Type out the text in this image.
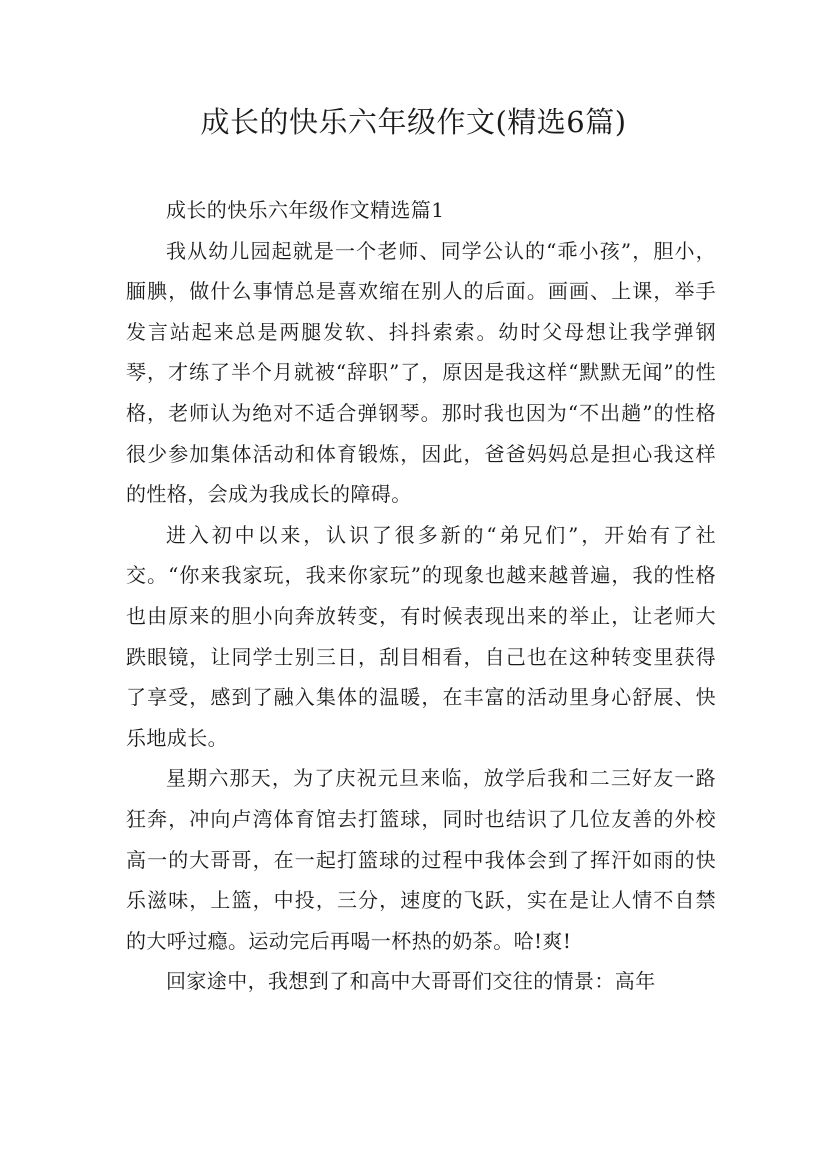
成长的快乐六年级作文(精选6篇)

成长的快乐六年级作文精选篇1

我从幼儿园起就是一个老师、同学公认的“乖小孩”，胆小，腼腆，做什么事情总是喜欢缩在别人的后面。画画、上课，举手发言站起来总是两腿发软、抖抖索索。幼时父母想让我学弹钢琴，才练了半个月就被“辞职”了，原因是我这样“默默无闻”的性格，老师认为绝对不适合弹钢琴。那时我也因为“不出趟”的性格很少参加集体活动和体育锻炼，因此，爸爸妈妈总是担心我这样的性格，会成为我成长的障碍。

进入初中以来，认识了很多新的“弟兄们”，开始有了社交。“你来我家玩，我来你家玩”的现象也越来越普遍，我的性格也由原来的胆小向奔放转变，有时候表现出来的举止，让老师大跌眼镜，让同学士别三日，刮目相看，自己也在这种转变里获得了享受，感到了融入集体的温暖，在丰富的活动里身心舒展、快乐地成长。

星期六那天，为了庆祝元旦来临，放学后我和二三好友一路狂奔，冲向卢湾体育馆去打篮球，同时也结识了几位友善的外校高一的大哥哥，在一起打篮球的过程中我体会到了挥汗如雨的快乐滋味，上篮，中投，三分，速度的飞跃，实在是让人情不自禁的大呼过瘾。运动完后再喝一杯热的奶茶。哈!爽!

回家途中，我想到了和高中大哥哥们交往的情景：高年
